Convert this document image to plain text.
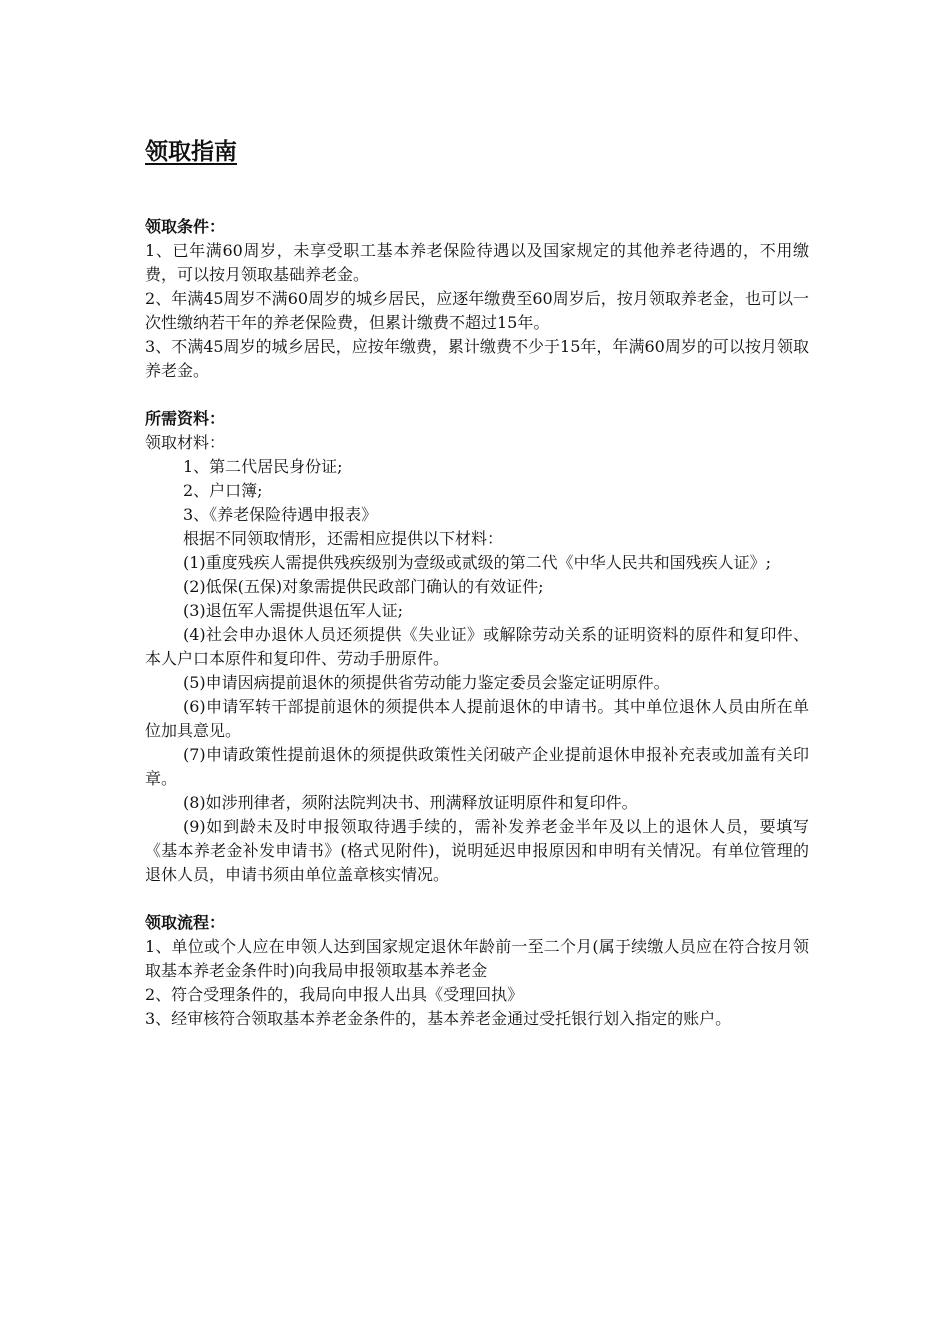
领取指南

领取条件：

1、已年满60周岁，未享受职工基本养老保险待遇以及国家规定的其他养老待遇的，不用缴费，可以按月领取基础养老金。

2、年满45周岁不满60周岁的城乡居民，应逐年缴费至60周岁后，按月领取养老金，也可以一次性缴纳若干年的养老保险费，但累计缴费不超过15年。

3、不满45周岁的城乡居民，应按年缴费，累计缴费不少于15年，年满60周岁的可以按月领取养老金。

所需资料：

领取材料：

1、第二代居民身份证;

2、户口簿;

3、《养老保险待遇申报表》

根据不同领取情形，还需相应提供以下材料：

(1)重度残疾人需提供残疾级别为壹级或贰级的第二代《中华人民共和国残疾人证》;

(2)低保(五保)对象需提供民政部门确认的有效证件;

(3)退伍军人需提供退伍军人证;

(4)社会申办退休人员还须提供《失业证》或解除劳动关系的证明资料的原件和复印件、本人户口本原件和复印件、劳动手册原件。

(5)申请因病提前退休的须提供省劳动能力鉴定委员会鉴定证明原件。

(6)申请军转干部提前退休的须提供本人提前退休的申请书。其中单位退休人员由所在单位加具意见。

(7)申请政策性提前退休的须提供政策性关闭破产企业提前退休申报补充表或加盖有关印章。

(8)如涉刑律者，须附法院判决书、刑满释放证明原件和复印件。

(9)如到龄未及时申报领取待遇手续的，需补发养老金半年及以上的退休人员，要填写《基本养老金补发申请书》(格式见附件)，说明延迟申报原因和申明有关情况。有单位管理的退休人员，申请书须由单位盖章核实情况。

领取流程：

1、单位或个人应在申领人达到国家规定退休年龄前一至二个月(属于续缴人员应在符合按月领取基本养老金条件时)向我局申报领取基本养老金

2、符合受理条件的，我局向申报人出具《受理回执》

3、经审核符合领取基本养老金条件的，基本养老金通过受托银行划入指定的账户。
